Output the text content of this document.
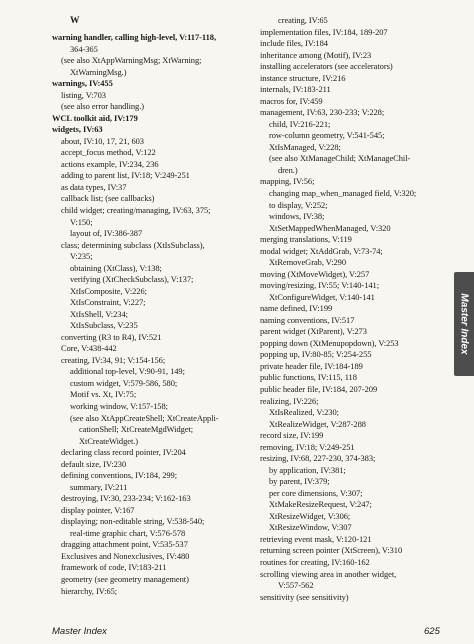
W
warning handler, calling high-level, V:117-118,
364-365
(see also XtAppWarningMsg; XtWarning;
XtWarningMsg.)
warnings, IV:455
listing, V:703
(see also error handling.)
WCL toolkit aid, IV:179
widgets, IV:63
about, IV:10, 17, 21, 603
accept_focus method, V:122
actions example, IV:234, 236
adding to parent list, IV:18; V:249-251
as data types, IV:37
callback list; (see callbacks)
child widget; creating/managing, IV:63, 375;
V:150;
layout of, IV:386-387
class; determining subclass (XtIsSubclass),
V:235;
obtaining (XtClass), V:138;
verifying (XtCheckSubclass), V:137;
XtIsComposite, V:226;
XtIsConstraint, V:227;
XtIsShell, V:234;
XtIsSubclass, V:235
converting (R3 to R4), IV:521
Core, V:438-442
creating, IV:34, 91; V:154-156;
additional top-level, V:90-91, 149;
custom widget, V:579-586, 580;
Motif vs. Xt, IV:75;
working window, V:157-158;
(see also XtAppCreateShell; XtCreateAppli-
cationShell; XtCreateMgdWidget;
XtCreateWidget.)
declaring class record pointer, IV:204
default size, IV:230
defining conventions, IV:184, 299;
summary, IV:211
destroying, IV:30, 233-234; V:162-163
display pointer, V:167
displaying; non-editable string, V:538-540;
real-time graphic chart, V:576-578
dragging attachment point, V:535-537
Exclusives and Nonexclusives, IV:480
framework of code, IV:183-211
geometry (see geometry management)
hierarchy, IV:65;
creating, IV:65
implementation files, IV:184, 189-207
include files, IV:184
inheritance among (Motif), IV:23
installing accelerators (see accelerators)
instance structure, IV:216
internals, IV:183-211
macros for, IV:459
management, IV:63, 230-233; V:228;
child, IV:216-221;
row-column geometry, V:541-545;
XtIsManaged, V:228;
(see also XtManageChild; XtManageChil-
dren.)
mapping, IV:56;
changing map_when_managed field, V:320;
to display, V:252;
windows, IV:38;
XtSetMappedWhenManaged, V:320
merging translations, V:119
modal widget; XtAddGrab, V:73-74;
XtRemoveGrab, V:290
moving (XtMoveWidget), V:257
moving/resizing, IV:55; V:140-141;
XtConfigureWidget, V:140-141
name defined, IV:199
naming conventions, IV:517
parent widget (XtParent), V:273
popping down (XtMenupopdown), V:253
popping up, IV:80-85; V:254-255
private header file, IV:184-189
public functions, IV:115, 118
public header file, IV:184, 207-209
realizing, IV:226;
XtIsRealized, V:230;
XtRealizeWidget, V:287-288
record size, IV:199
removing, IV:18; V:249-251
resizing, IV:68, 227-230, 374-383;
by application, IV:381;
by parent, IV:379;
per core dimensions, V:307;
XtMakeResizeRequest, V:247;
XtResizeWidget, V:306;
XtResizeWindow, V:307
retrieving event mask, V:120-121
returning screen pointer (XtScreen), V:310
routines for creating, IV:160-162
scrolling viewing area in another widget,
V:557-562
sensitivity (see sensitivity)
Master Index
Master Index	625
